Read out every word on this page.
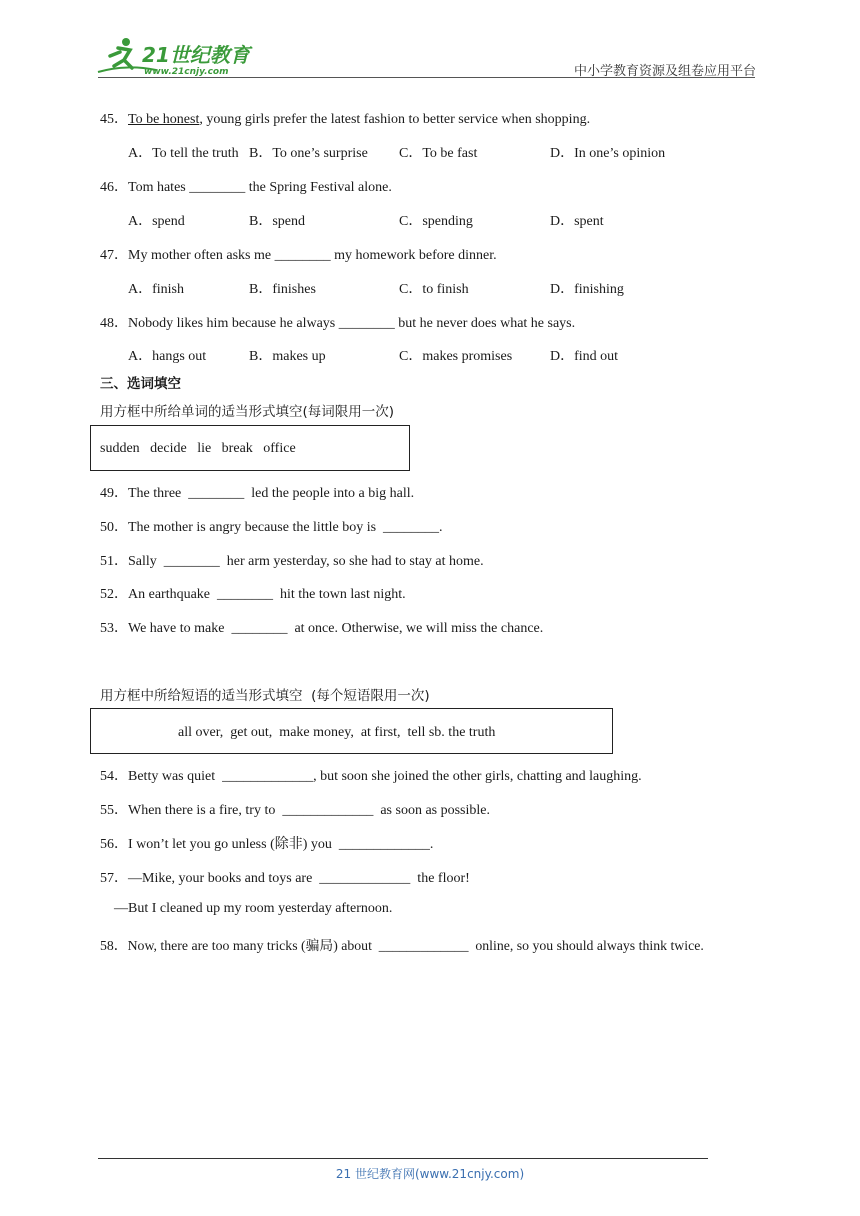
21世纪教育
www.21cnjy.com	中小学教育资源及组卷应用平台
45．To be honest, young girls prefer the latest fashion to better service when shopping.
A．To tell the truth B．To one’s surprise C．To be fast	D．In one’s opinion
46．Tom hates ________ the Spring Festival alone.
A．spend	B．spend	C．spending	D．spent
47．My mother often asks me ________ my homework before dinner.
A．finish	B．finishes	C．to finish	D．finishing
48．Nobody likes him because he always ________ but he never does what he says.
A．hangs out	B．makes up	C．makes promises	D．find out
三、选词填空
用方框中所给单词的适当形式填空(每词限用一次)
sudden   decide   lie   break   office
49．The three  ________  led the people into a big hall.
50．The mother is angry because the little boy is  ________.
51．Sally  ________  her arm yesterday, so she had to stay at home.
52．An earthquake  ________  hit the town last night.
53．We have to make  ________  at once. Otherwise, we will miss the chance.
用方框中所给短语的适当形式填空  (每个短语限用一次)
all over,  get out,  make money,  at first,  tell sb. the truth
54．Betty was quiet  _____________, but soon she joined the other girls, chatting and laughing.
55．When there is a fire, try to  _____________  as soon as possible.
56．I won’t let you go unless (除非) you  _____________.
57．—Mike, your books and toys are  _____________  the floor!
—But I cleaned up my room yesterday afternoon.
58．Now, there are too many tricks (骗局) about  _____________  online, so you should always think twice.
21 世纪教育网(www.21cnjy.com)
